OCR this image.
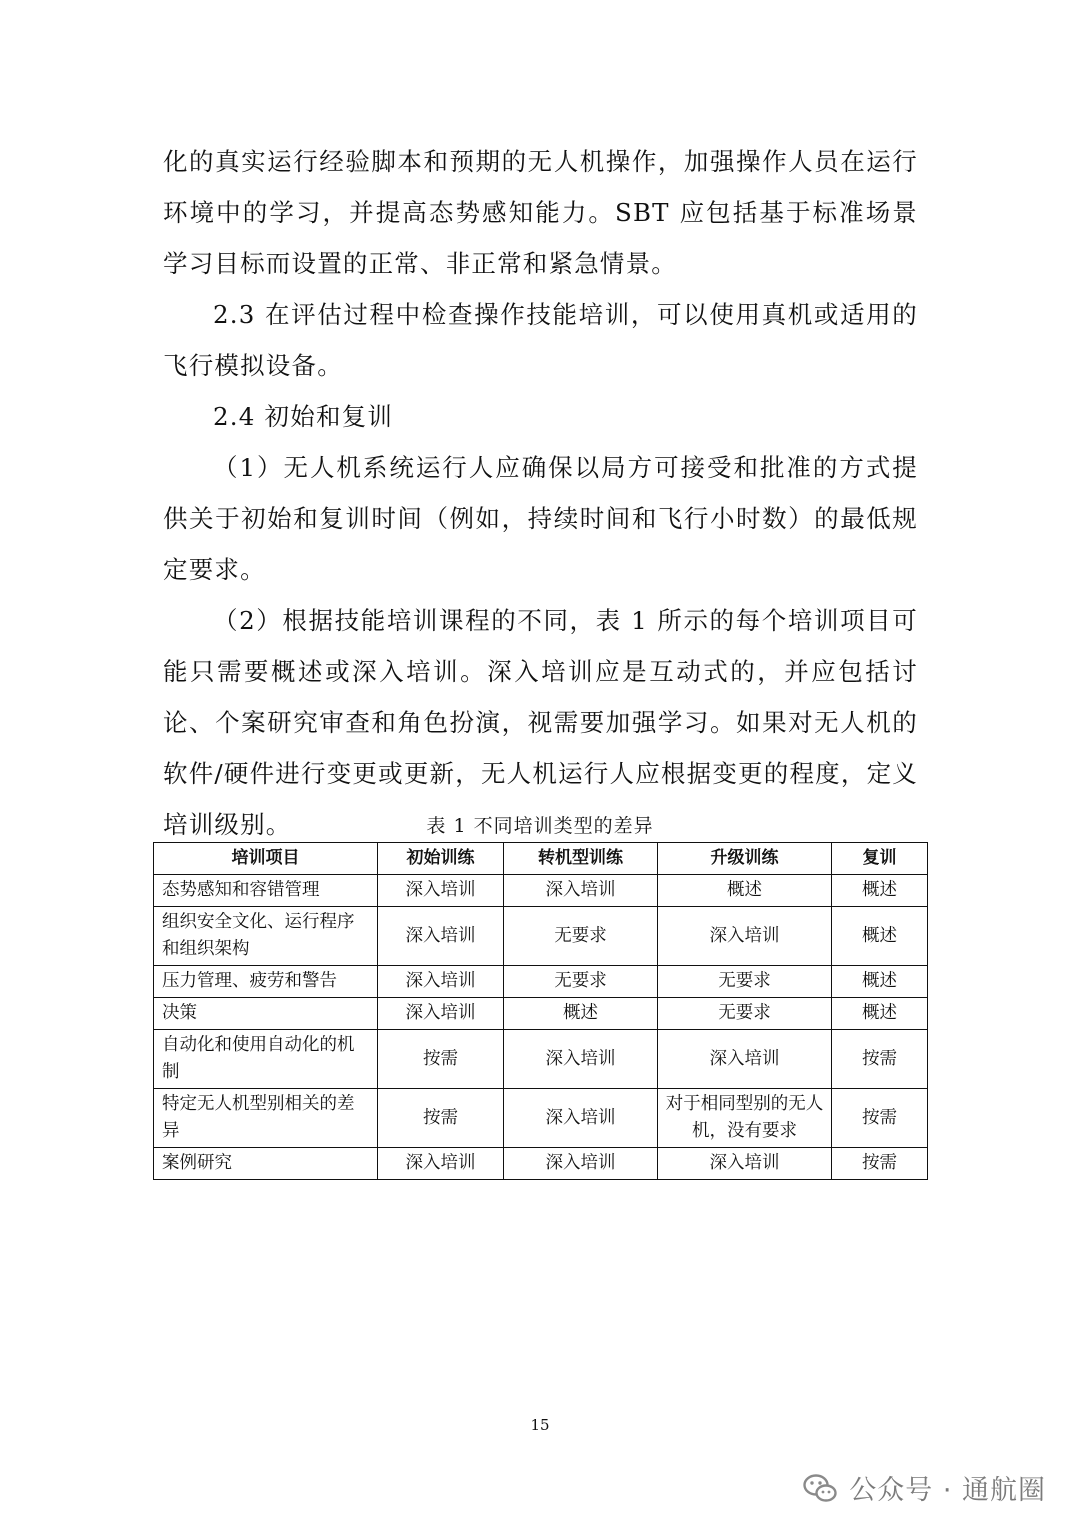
化的真实运行经验脚本和预期的无人机操作，加强操作人员在运行环境中的学习，并提高态势感知能力。SBT 应包括基于标准场景学习目标而设置的正常、非正常和紧急情景。

2.3 在评估过程中检查操作技能培训，可以使用真机或适用的飞行模拟设备。

2.4 初始和复训

（1）无人机系统运行人应确保以局方可接受和批准的方式提供关于初始和复训时间（例如，持续时间和飞行小时数）的最低规定要求。

（2）根据技能培训课程的不同，表 1 所示的每个培训项目可能只需要概述或深入培训。深入培训应是互动式的，并应包括讨论、个案研究审查和角色扮演，视需要加强学习。如果对无人机的软件/硬件进行变更或更新，无人机运行人应根据变更的程度，定义培训级别。	表 1 不同培训类型的差异
培训项目	初始训练	转机型训练	升级训练	复训
态势感知和容错管理	深入培训	深入培训	概述	概述
组织安全文化、运行程序和组织架构	深入培训	无要求	深入培训	概述
压力管理、疲劳和警告	深入培训	无要求	无要求	概述
决策	深入培训	概述	无要求	概述
自动化和使用自动化的机制	按需	深入培训	深入培训	按需
特定无人机型别相关的差异	按需	深入培训	对于相同型别的无人机，没有要求	按需
案例研究	深入培训	深入培训	深入培训	按需
15
公众号 · 通航圈
